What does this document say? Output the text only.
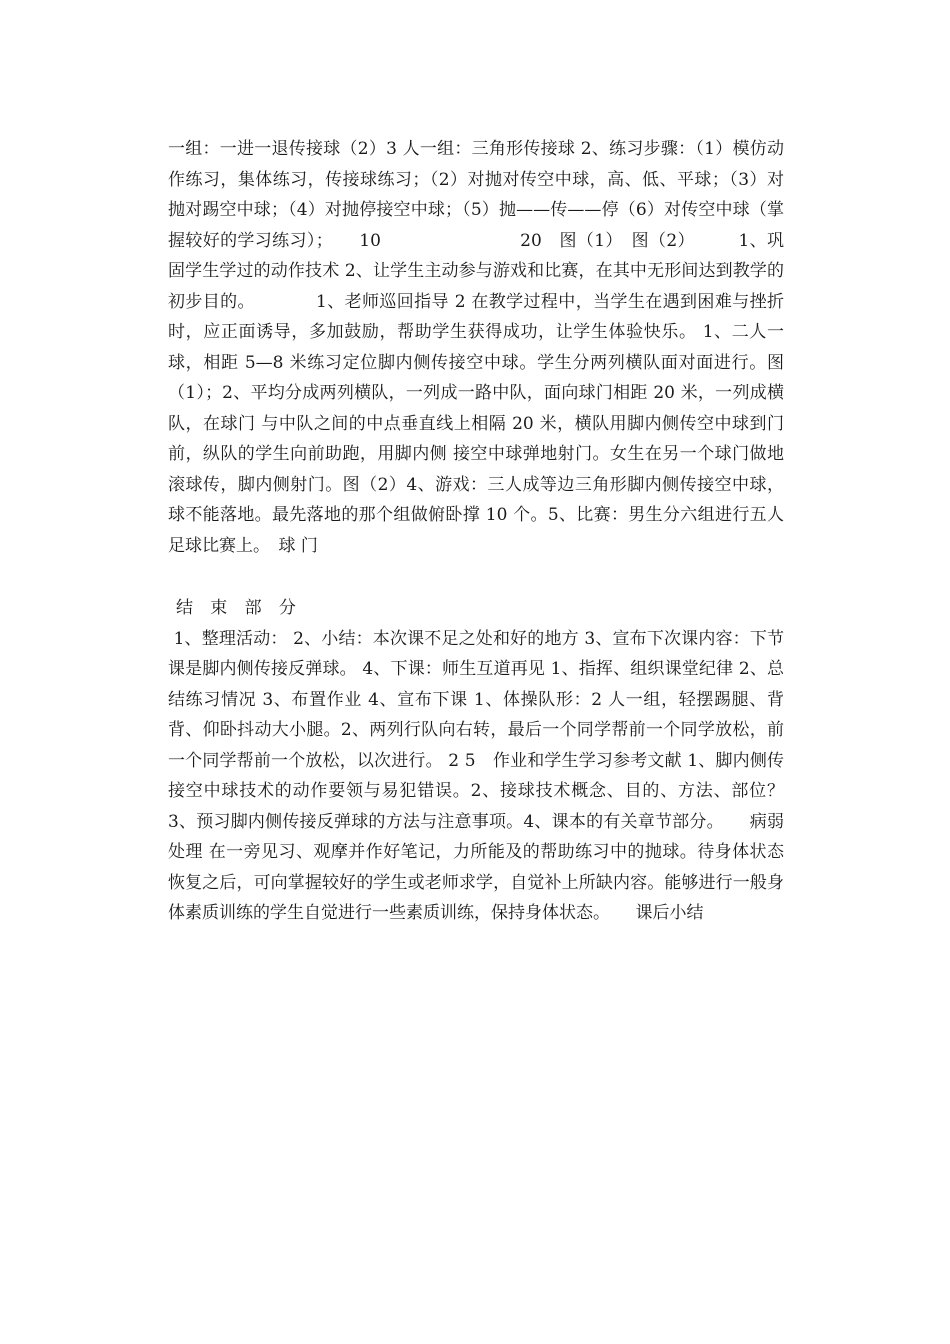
一组：一进一退传接球（2）3 人一组：三角形传接球 2、练习步骤：（1）模仿动作练习，集体练习，传接球练习；（2）对抛对传空中球，高、低、平球；（3）对抛对踢空中球；（4）对抛停接空中球；（5）抛——传——停（6）对传空中球（掌握较好的学习练习）；　　10　　　　　　　　20　图（1）　图（2）　　　1、巩固学生学过的动作技术 2、让学生主动参与游戏和比赛，在其中无形间达到教学的初步目的。　　　　1、老师巡回指导 2 在教学过程中，当学生在遇到困难与挫折时，应正面诱导，多加鼓励，帮助学生获得成功，让学生体验快乐。 1、二人一球，相距 5—8 米练习定位脚内侧传接空中球。学生分两列横队面对面进行。图（1）；2、平均分成两列横队，一列成一路中队，面向球门相距 20 米，一列成横队，在球门 与中队之间的中点垂直线上相隔 20 米，横队用脚内侧传空中球到门前，纵队的学生向前助跑，用脚内侧 接空中球弹地射门。女生在另一个球门做地滚球传，脚内侧射门。图（2）4、游戏：三人成等边三角形脚内侧传接空中球，球不能落地。最先落地的那个组做俯卧撑 10 个。5、比赛：男生分六组进行五人足球比赛上。　球 门

结 束 部 分

1、整理活动： 2、小结：本次课不足之处和好的地方 3、宣布下次课内容：下节课是脚内侧传接反弹球。 4、下课：师生互道再见 1、指挥、组织课堂纪律 2、总结练习情况 3、布置作业 4、宣布下课 1、体操队形：2 人一组，轻摆踢腿、背背、仰卧抖动大小腿。2、两列行队向右转，最后一个同学帮前一个同学放松，前一个同学帮前一个放松，以次进行。 2 5　作业和学生学习参考文献 1、脚内侧传接空中球技术的动作要领与易犯错误。2、接球技术概念、目的、方法、部位？ 3、预习脚内侧传接反弹球的方法与注意事项。4、课本的有关章节部分。　　病弱处理 在一旁见习、观摩并作好笔记，力所能及的帮助练习中的抛球。待身体状态恢复之后，可向掌握较好的学生或老师求学，自觉补上所缺内容。能够进行一般身体素质训练的学生自觉进行一些素质训练，保持身体状态。　　课后小结
